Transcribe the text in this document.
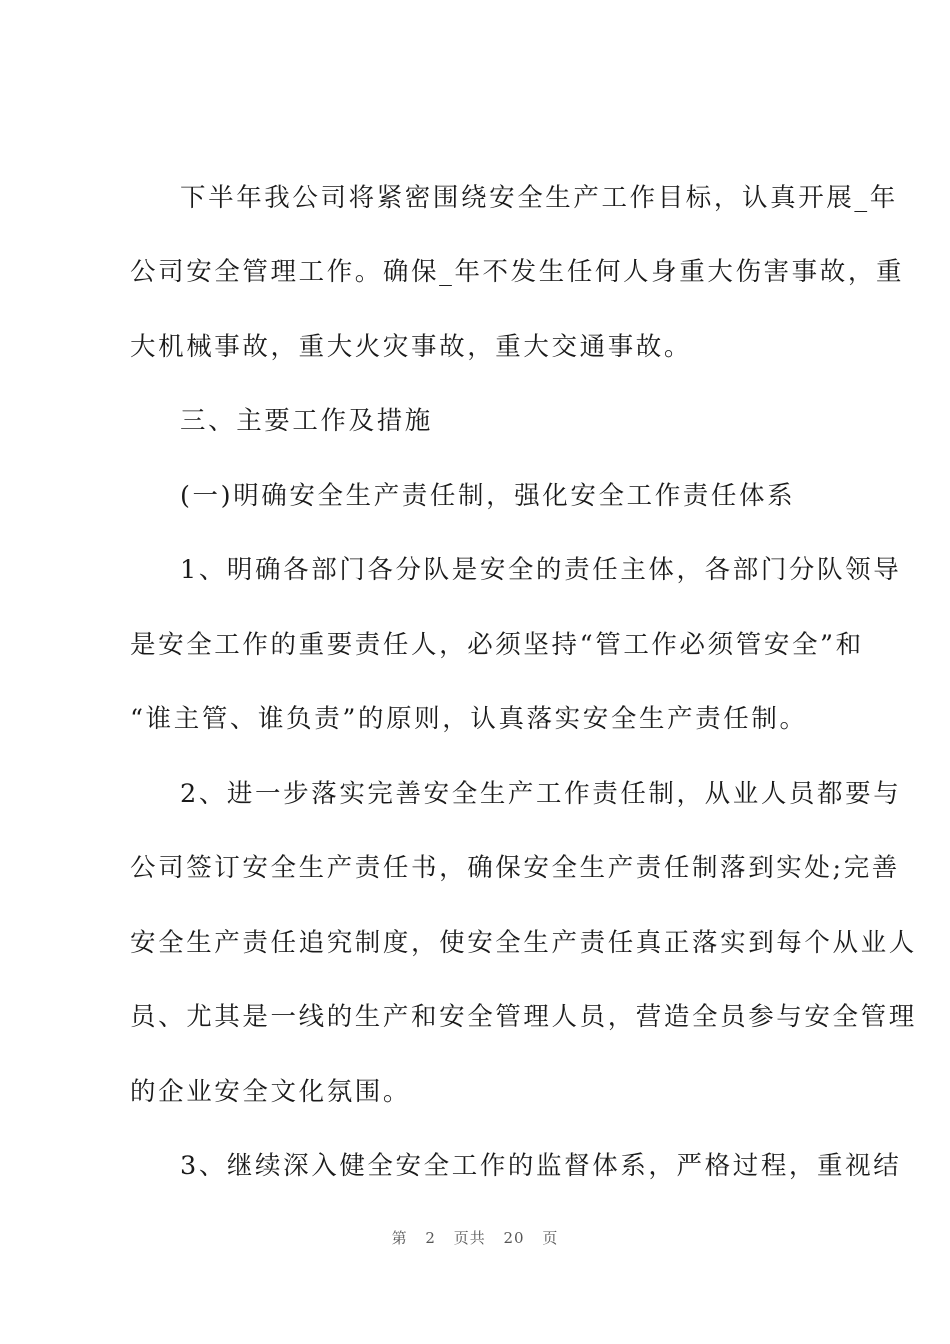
下半年我公司将紧密围绕安全生产工作目标，认真开展_年
公司安全管理工作。确保_年不发生任何人身重大伤害事故，重
大机械事故，重大火灾事故，重大交通事故。
三、主要工作及措施
(一)明确安全生产责任制，强化安全工作责任体系
1、明确各部门各分队是安全的责任主体，各部门分队领导
是安全工作的重要责任人，必须坚持“管工作必须管安全”和
“谁主管、谁负责”的原则，认真落实安全生产责任制。
2、进一步落实完善安全生产工作责任制，从业人员都要与
公司签订安全生产责任书，确保安全生产责任制落到实处;完善
安全生产责任追究制度，使安全生产责任真正落实到每个从业人
员、尤其是一线的生产和安全管理人员，营造全员参与安全管理
的企业安全文化氛围。
3、继续深入健全安全工作的监督体系，严格过程，重视结
第 2 页共 20 页
